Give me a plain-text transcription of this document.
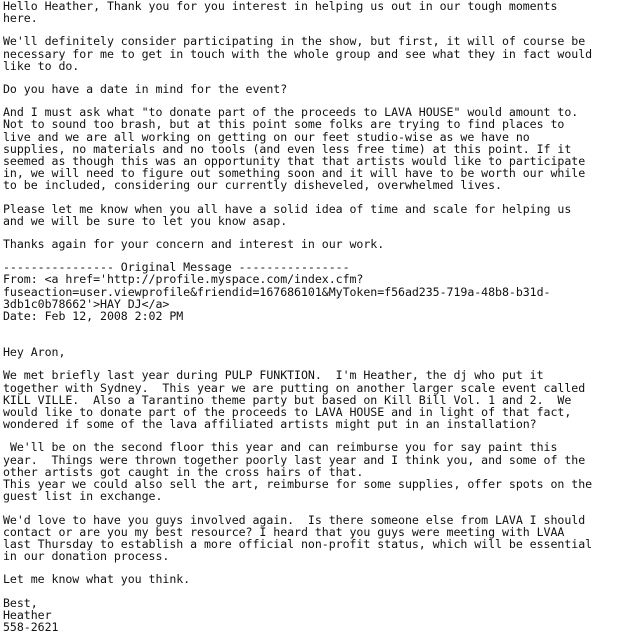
Hello Heather, Thank you for you interest in helping us out in our tough moments
here.
We'll definitely consider participating in the show, but first, it will of course be
necessary for me to get in touch with the whole group and see what they in fact would
like to do.
Do you have a date in mind for the event?
And I must ask what "to donate part of the proceeds to LAVA HOUSE" would amount to.
Not to sound too brash, but at this point some folks are trying to find places to
live and we are all working on getting on our feet studio-wise as we have no
supplies, no materials and no tools (and even less free time) at this point. If it
seemed as though this was an opportunity that that artists would like to participate
in, we will need to figure out something soon and it will have to be worth our while
to be included, considering our currently disheveled, overwhelmed lives.
Please let me know when you all have a solid idea of time and scale for helping us
and we will be sure to let you know asap.
Thanks again for your concern and interest in our work.
---------------- Original Message ----------------
From: <a href='http://profile.myspace.com/index.cfm?
fuseaction=user.viewprofile&friendid=167686101&MyToken=f56ad235-719a-48b8-b31d-
3db1c0b78662'>HAY DJ</a>
Date: Feb 12, 2008 2:02 PM
Hey Aron,
We met briefly last year during PULP FUNKTION.  I'm Heather, the dj who put it
together with Sydney.  This year we are putting on another larger scale event called
KILL VILLE.  Also a Tarantino theme party but based on Kill Bill Vol. 1 and 2.  We
would like to donate part of the proceeds to LAVA HOUSE and in light of that fact,
wondered if some of the lava affiliated artists might put in an installation?
We'll be on the second floor this year and can reimburse you for say paint this
year.  Things were thrown together poorly last year and I think you, and some of the
other artists got caught in the cross hairs of that.
This year we could also sell the art, reimburse for some supplies, offer spots on the
guest list in exchange.
We'd love to have you guys involved again.  Is there someone else from LAVA I should
contact or are you my best resource? I heard that you guys were meeting with LVAA
last Thursday to establish a more official non-profit status, which will be essential
in our donation process.
Let me know what you think.
Best,
Heather
558-2621
